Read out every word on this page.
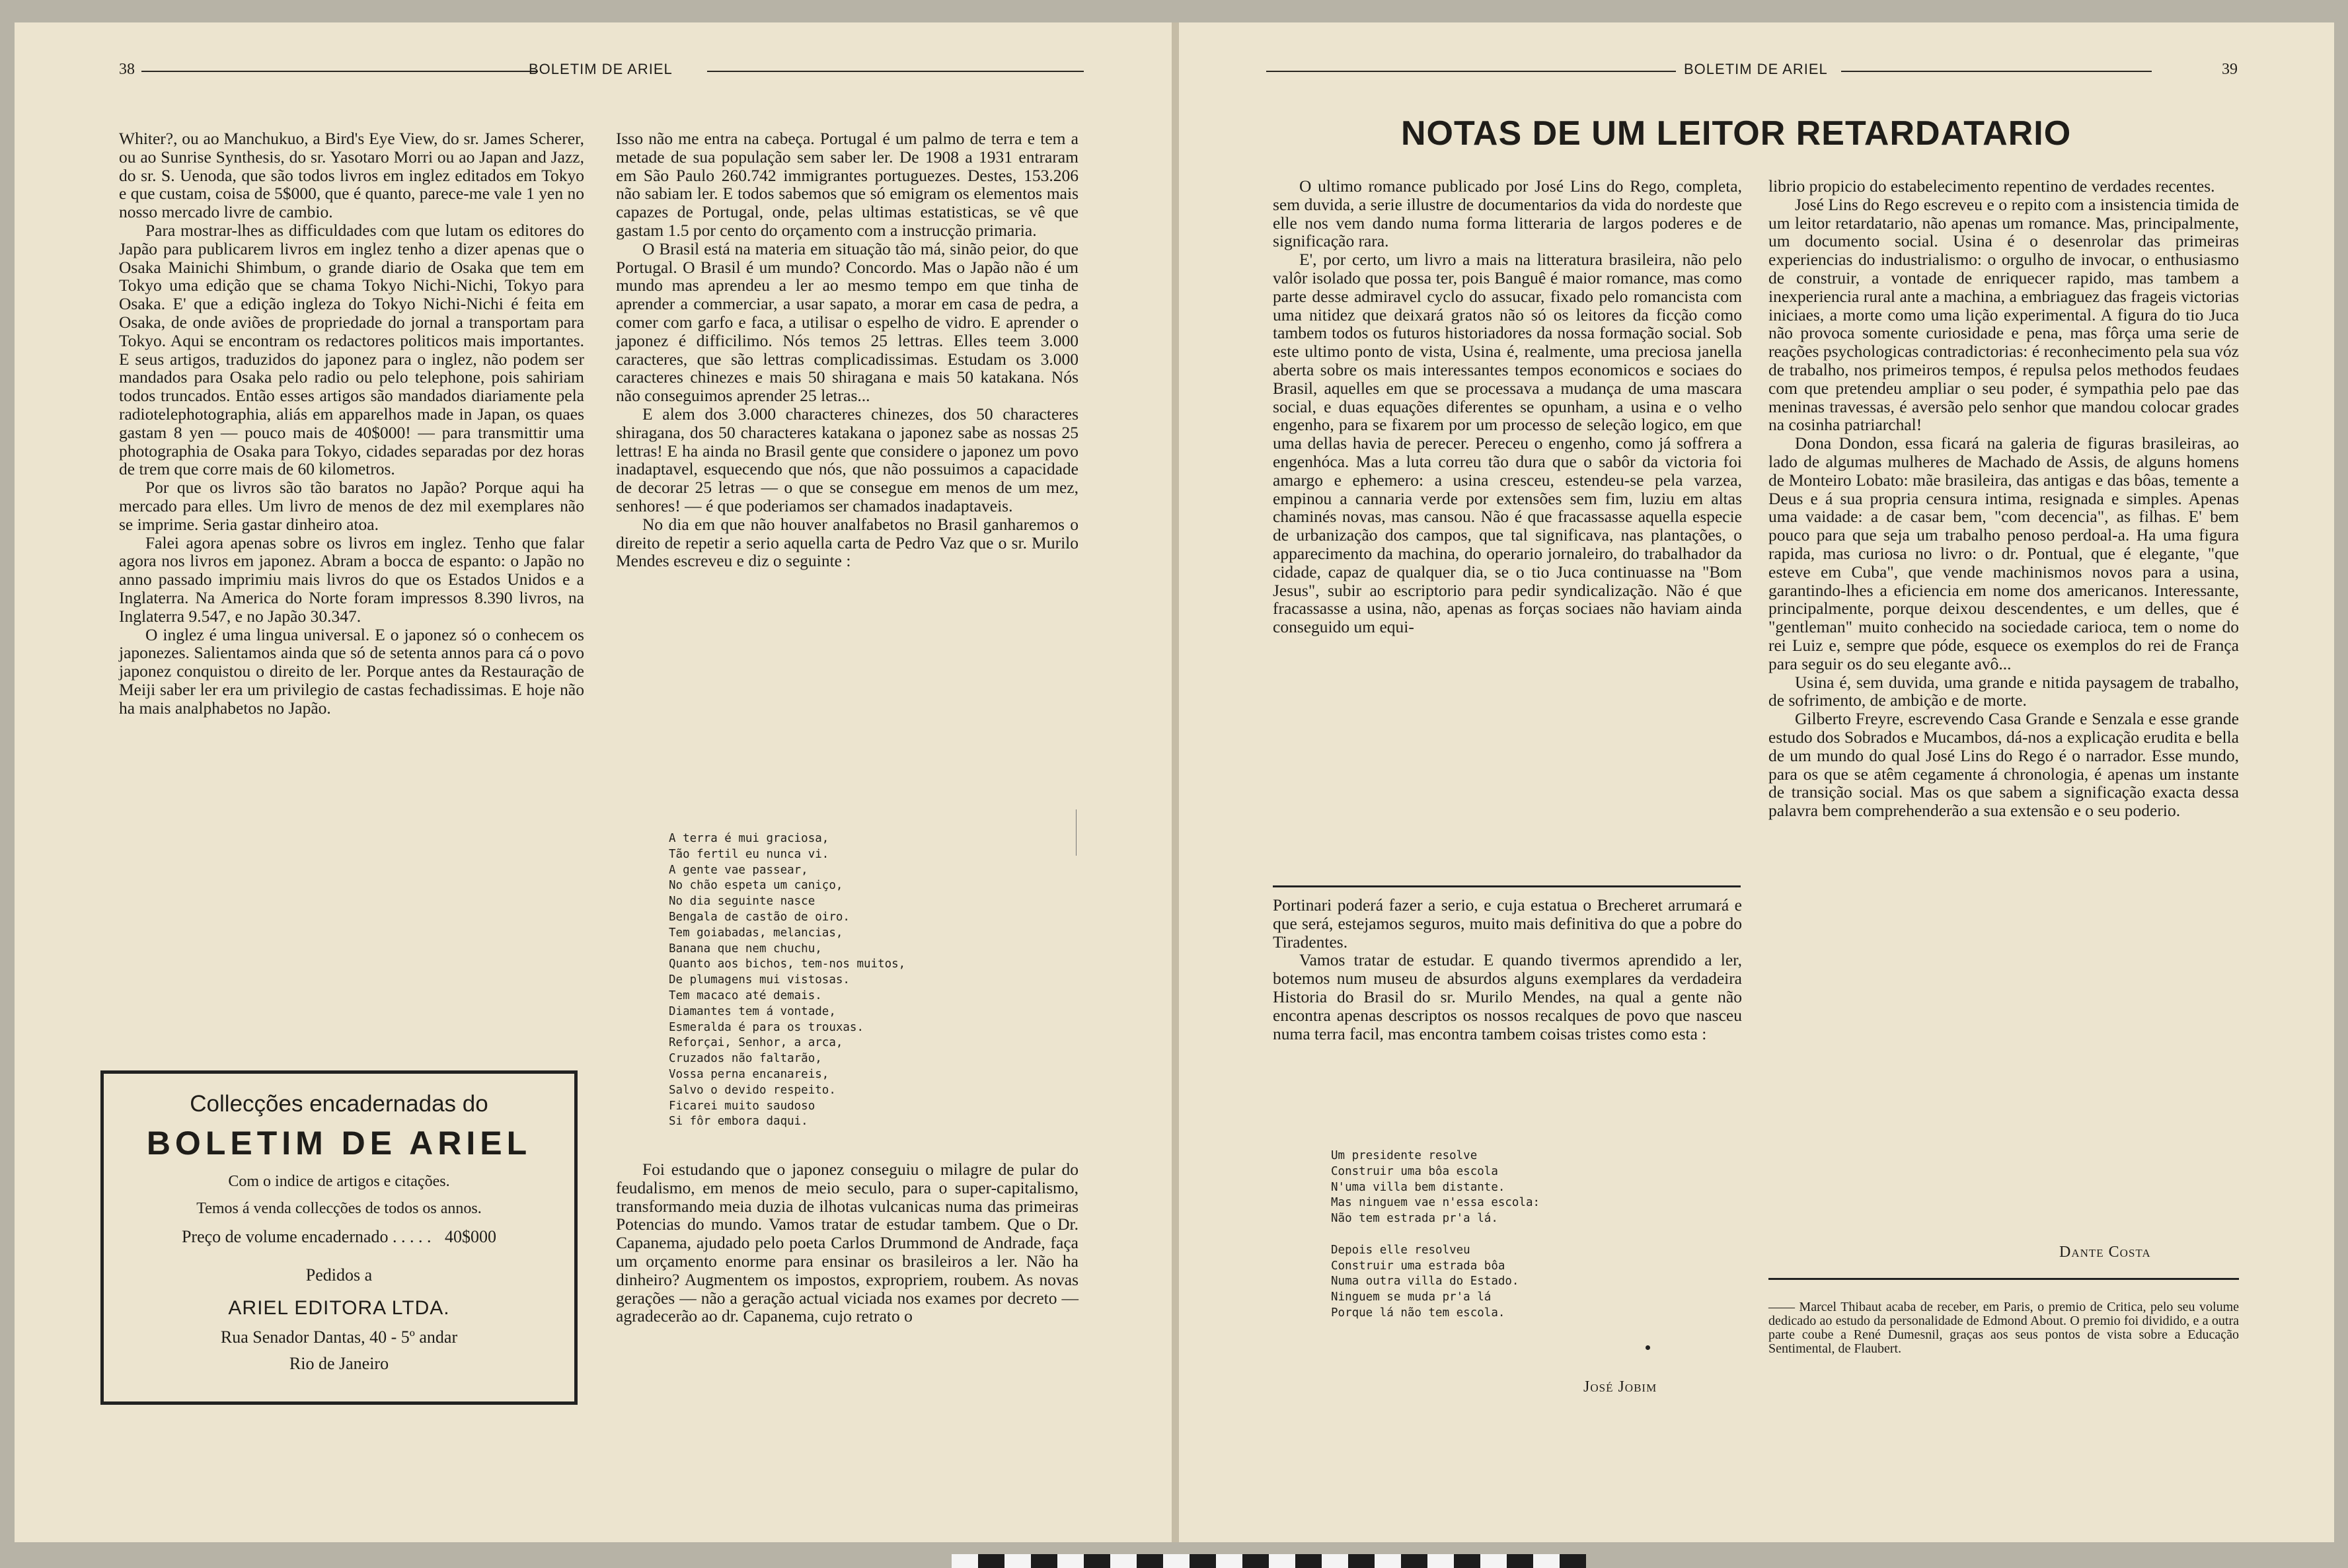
38	BOLETIM DE ARIEL

Whiter?, ou ao Manchukuo, a Bird's Eye View, do sr. James Scherer, ou ao Sunrise Synthesis, do sr. Yasotaro Morri ou ao Japan and Jazz, do sr. S. Uenoda, que são todos livros em inglez editados em Tokyo e que custam, coisa de 5$000, que é quanto, parece-me vale 1 yen no nosso mercado livre de cambio.

Para mostrar-lhes as difficuldades com que lutam os editores do Japão para publicarem livros em inglez tenho a dizer apenas que o Osaka Mainichi Shimbum, o grande diario de Osaka que tem em Tokyo uma edição que se chama Tokyo Nichi-Nichi, Tokyo para Osaka. E' que a edição ingleza do Tokyo Nichi-Nichi é feita em Osaka, de onde aviões de propriedade do jornal a transportam para Tokyo. Aqui se encontram os redactores politicos mais importantes. E seus artigos, traduzidos do japonez para o inglez, não podem ser mandados para Osaka pelo radio ou pelo telephone, pois sahiriam todos truncados. Então esses artigos são mandados diariamente pela radiotelephotographia, aliás em apparelhos made in Japan, os quaes gastam 8 yen — pouco mais de 40$000! — para transmittir uma photographia de Osaka para Tokyo, cidades separadas por dez horas de trem que corre mais de 60 kilometros.

Por que os livros são tão baratos no Japão? Porque aqui ha mercado para elles. Um livro de menos de dez mil exemplares não se imprime. Seria gastar dinheiro atoa.

Falei agora apenas sobre os livros em inglez. Tenho que falar agora nos livros em japonez. Abram a bocca de espanto: o Japão no anno passado imprimiu mais livros do que os Estados Unidos e a Inglaterra. Na America do Norte foram impressos 8.390 livros, na Inglaterra 9.547, e no Japão 30.347.

O inglez é uma lingua universal. E o japonez só o conhecem os japonezes. Salientamos ainda que só de setenta annos para cá o povo japonez conquistou o direito de ler. Porque antes da Restauração de Meiji saber ler era um privilegio de castas fechadissimas. E hoje não ha mais analphabetos no Japão.

Collecções encadernadas do
BOLETIM DE ARIEL
Com o indice de artigos e citações.
Temos á venda collecções de todos os annos.
Preço de volume encadernado . . . . . 40$000
Pedidos a
ARIEL EDITORA LTDA.
Rua Senador Dantas, 40 - 5º andar
Rio de Janeiro

Isso não me entra na cabeça. Portugal é um palmo de terra e tem a metade de sua população sem saber ler. De 1908 a 1931 entraram em São Paulo 260.742 immigrantes portuguezes. Destes, 153.206 não sabiam ler. E todos sabemos que só emigram os elementos mais capazes de Portugal, onde, pelas ultimas estatisticas, se vê que gastam 1.5 por cento do orçamento com a instrucção primaria.

O Brasil está na materia em situação tão má, sinão peior, do que Portugal. O Brasil é um mundo? Concordo. Mas o Japão não é um mundo mas aprendeu a ler ao mesmo tempo em que tinha de aprender a commerciar, a usar sapato, a morar em casa de pedra, a comer com garfo e faca, a utilisar o espelho de vidro. E aprender o japonez é difficilimo. Nós temos 25 lettras. Elles teem 3.000 caracteres, que são lettras complicadissimas. Estudam os 3.000 caracteres chinezes e mais 50 shiragana e mais 50 katakana. Nós não conseguimos aprender 25 letras...

E alem dos 3.000 characteres chinezes, dos 50 characteres shiragana, dos 50 characteres katakana o japonez sabe as nossas 25 lettras! E ha ainda no Brasil gente que considere o japonez um povo inadaptavel, esquecendo que nós, que não possuimos a capacidade de decorar 25 letras — o que se consegue em menos de um mez, senhores! — é que poderiamos ser chamados inadaptaveis.

No dia em que não houver analfabetos no Brasil ganharemos o direito de repetir a serio aquella carta de Pedro Vaz que o sr. Murilo Mendes escreveu e diz o seguinte :

A terra é mui graciosa,
Tão fertil eu nunca vi.
A gente vae passear,
No chão espeta um caniço,
No dia seguinte nasce
Bengala de castão de oiro.
Tem goiabadas, melancias,
Banana que nem chuchu,
Quanto aos bichos, tem-nos muitos,
De plumagens mui vistosas.
Tem macaco até demais.
Diamantes tem á vontade,
Esmeralda é para os trouxas.
Reforçai, Senhor, a arca,
Cruzados não faltarão,
Vossa perna encanareis,
Salvo o devido respeito.
Ficarei muito saudoso
Si fôr embora daqui.

Foi estudando que o japonez conseguiu o milagre de pular do feudalismo, em menos de meio seculo, para o super-capitalismo, transformando meia duzia de ilhotas vulcanicas numa das primeiras Potencias do mundo. Vamos tratar de estudar tambem. Que o Dr. Capanema, ajudado pelo poeta Carlos Drummond de Andrade, faça um orçamento enorme para ensinar os brasileiros a ler. Não ha dinheiro? Augmentem os impostos, expropriem, roubem. As novas gerações — não a geração actual viciada nos exames por decreto — agradecerão ao dr. Capanema, cujo retrato o

BOLETIM DE ARIEL	39
NOTAS DE UM LEITOR RETARDATARIO

O ultimo romance publicado por José Lins do Rego, completa, sem duvida, a serie illustre de documentarios da vida do nordeste que elle nos vem dando numa forma litteraria de largos poderes e de significação rara.

E', por certo, um livro a mais na litteratura brasileira, não pelo valôr isolado que possa ter, pois Banguê é maior romance, mas como parte desse admiravel cyclo do assucar, fixado pelo romancista com uma nitidez que deixará gratos não só os leitores da ficção como tambem todos os futuros historiadores da nossa formação social. Sob este ultimo ponto de vista, Usina é, realmente, uma preciosa janella aberta sobre os mais interessantes tempos economicos e sociaes do Brasil, aquelles em que se processava a mudança de uma mascara social, e duas equações diferentes se opunham, a usina e o velho engenho, para se fixarem por um processo de seleção logico, em que uma dellas havia de perecer. Pereceu o engenho, como já soffrera a engenhóca. Mas a luta correu tão dura que o sabôr da victoria foi amargo e ephemero: a usina cresceu, estendeu-se pela varzea, empinou a cannaria verde por extensões sem fim, luziu em altas chaminés novas, mas cansou. Não é que fracassasse aquella especie de urbanização dos campos, que tal significava, nas plantações, o apparecimento da machina, do operario jornaleiro, do trabalhador da cidade, capaz de qualquer dia, se o tio Juca continuasse na "Bom Jesus", subir ao escriptorio para pedir syndicalização. Não é que fracassasse a usina, não, apenas as forças sociaes não haviam ainda conseguido um equi-

Portinari poderá fazer a serio, e cuja estatua o Brecheret arrumará e que será, estejamos seguros, muito mais definitiva do que a pobre do Tiradentes.

Vamos tratar de estudar. E quando tivermos aprendido a ler, botemos num museu de absurdos alguns exemplares da verdadeira Historia do Brasil do sr. Murilo Mendes, na qual a gente não encontra apenas descriptos os nossos recalques de povo que nasceu numa terra facil, mas encontra tambem coisas tristes como esta :

Um presidente resolve
Construir uma bôa escola
N'uma villa bem distante.
Mas ninguem vae n'essa escola:
Não tem estrada pr'a lá.
Depois elle resolveu
Construir uma estrada bôa
Numa outra villa do Estado.
Ninguem se muda pr'a lá
Porque lá não tem escola.
José Jobim

librio propicio do estabelecimento repentino de verdades recentes.

José Lins do Rego escreveu e o repito com a insistencia timida de um leitor retardatario, não apenas um romance. Mas, principalmente, um documento social. Usina é o desenrolar das primeiras experiencias do industrialismo: o orgulho de invocar, o enthusiasmo de construir, a vontade de enriquecer rapido, mas tambem a inexperiencia rural ante a machina, a embriaguez das frageis victorias iniciaes, a morte como uma lição experimental. A figura do tio Juca não provoca somente curiosidade e pena, mas fôrça uma serie de reações psychologicas contradictorias: é reconhecimento pela sua vóz de trabalho, nos primeiros tempos, é repulsa pelos methodos feudaes com que pretendeu ampliar o seu poder, é sympathia pelo pae das meninas travessas, é aversão pelo senhor que mandou colocar grades na cosinha patriarchal!

Dona Dondon, essa ficará na galeria de figuras brasileiras, ao lado de algumas mulheres de Machado de Assis, de alguns homens de Monteiro Lobato: mãe brasileira, das antigas e das bôas, temente a Deus e á sua propria censura intima, resignada e simples. Apenas uma vaidade: a de casar bem, "com decencia", as filhas. E' bem pouco para que seja um trabalho penoso perdoal-a. Ha uma figura rapida, mas curiosa no livro: o dr. Pontual, que é elegante, "que esteve em Cuba", que vende machinismos novos para a usina, garantindo-lhes a eficiencia em nome dos americanos. Interessante, principalmente, porque deixou descendentes, e um delles, que é "gentleman" muito conhecido na sociedade carioca, tem o nome do rei Luiz e, sempre que póde, esquece os exemplos do rei de França para seguir os do seu elegante avô...

Usina é, sem duvida, uma grande e nitida paysagem de trabalho, de sofrimento, de ambição e de morte.

Gilberto Freyre, escrevendo Casa Grande e Senzala e esse grande estudo dos Sobrados e Mucambos, dá-nos a explicação erudita e bella de um mundo do qual José Lins do Rego é o narrador. Esse mundo, para os que se atêm cegamente á chronologia, é apenas um instante de transição social. Mas os que sabem a significação exacta dessa palavra bem comprehenderão a sua extensão e o seu poderio.

Dante Costa
—— Marcel Thibaut acaba de receber, em Paris, o premio de Critica, pelo seu volume dedicado ao estudo da personalidade de Edmond About. O premio foi dividido, e a outra parte coube a René Dumesnil, graças aos seus pontos de vista sobre a Educação Sentimental, de Flaubert.
